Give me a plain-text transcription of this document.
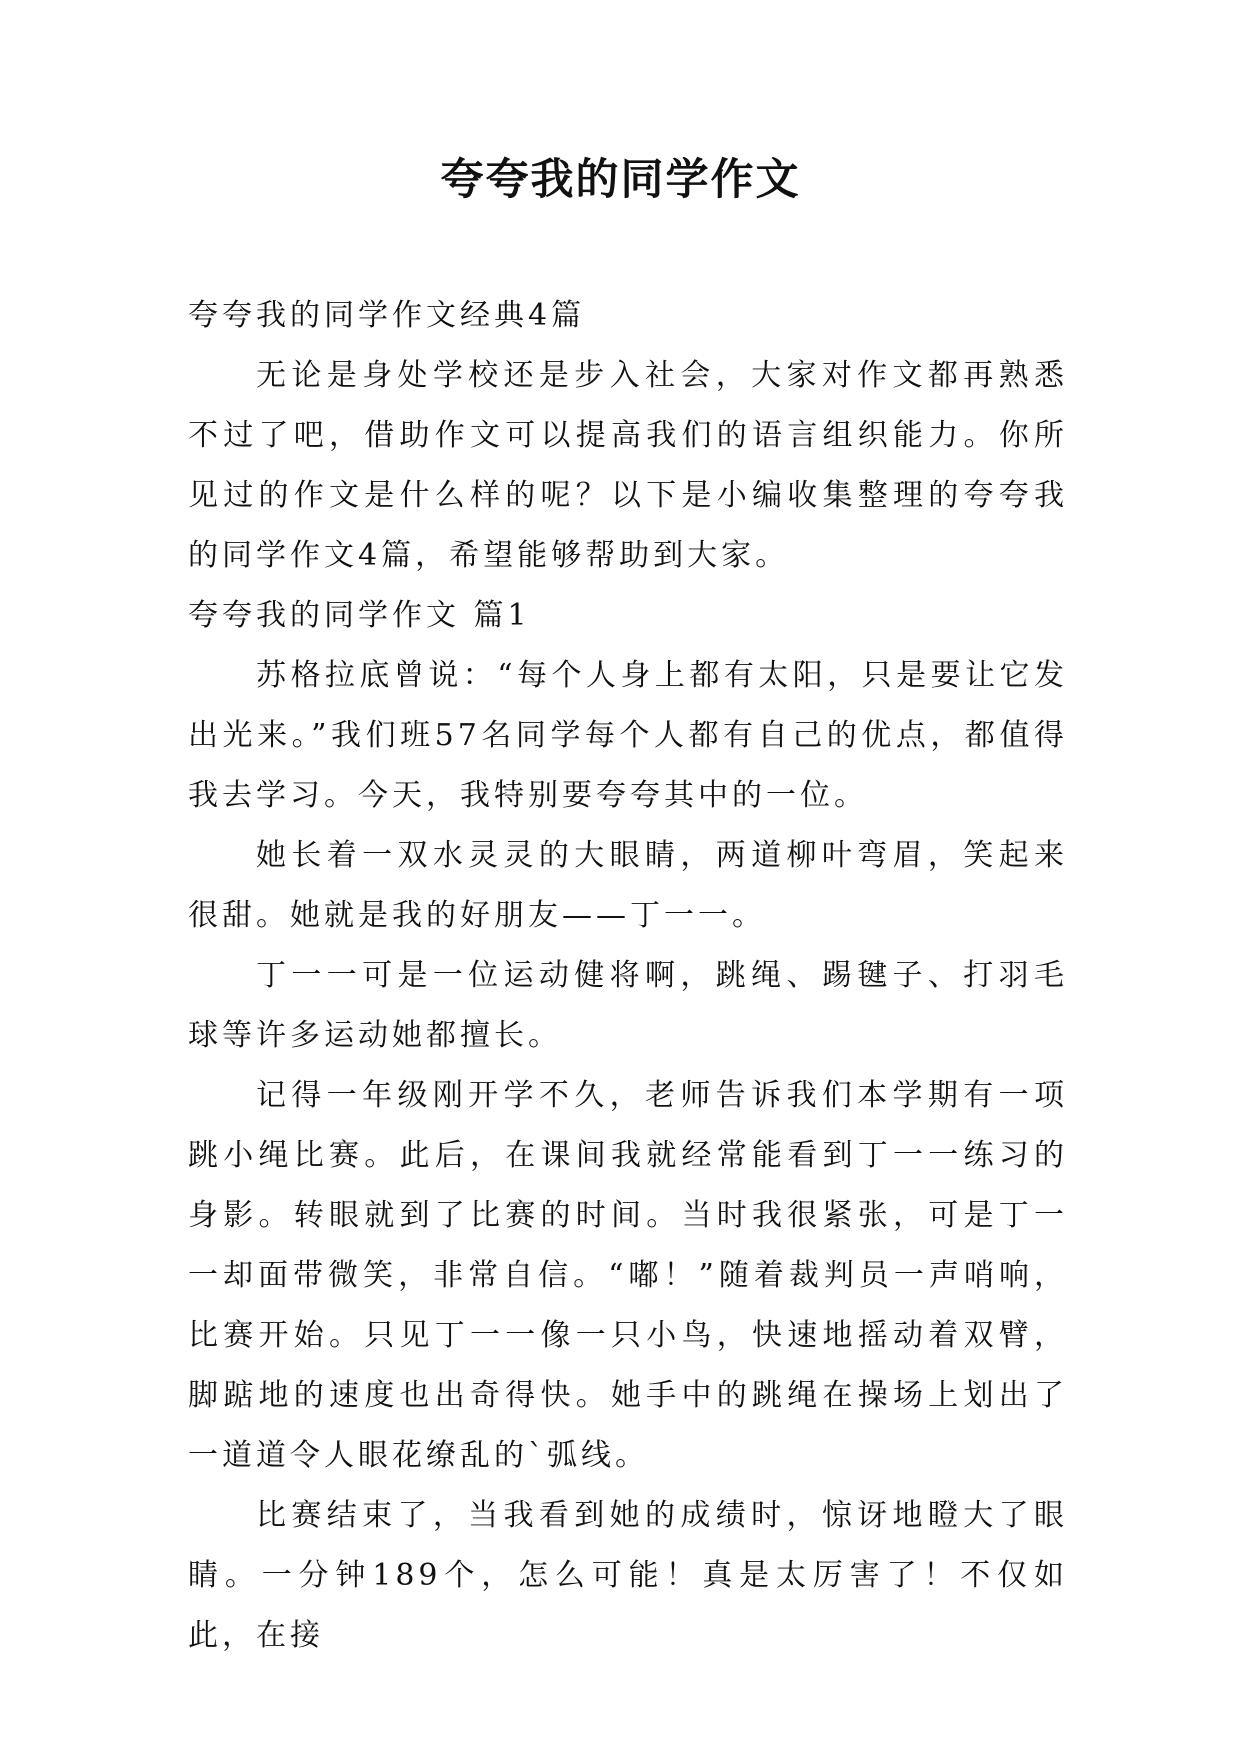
夸夸我的同学作文

夸夸我的同学作文经典4篇

无论是身处学校还是步入社会，大家对作文都再熟悉不过了吧，借助作文可以提高我们的语言组织能力。你所见过的作文是什么样的呢？以下是小编收集整理的夸夸我的同学作文4篇，希望能够帮助到大家。

夸夸我的同学作文 篇1

苏格拉底曾说：“每个人身上都有太阳，只是要让它发出光来。”我们班57名同学每个人都有自己的优点，都值得我去学习。今天，我特别要夸夸其中的一位。

她长着一双水灵灵的大眼睛，两道柳叶弯眉，笑起来很甜。她就是我的好朋友——丁一一。

丁一一可是一位运动健将啊，跳绳、踢毽子、打羽毛球等许多运动她都擅长。

记得一年级刚开学不久，老师告诉我们本学期有一项跳小绳比赛。此后，在课间我就经常能看到丁一一练习的身影。转眼就到了比赛的时间。当时我很紧张，可是丁一一却面带微笑，非常自信。“嘟！”随着裁判员一声哨响，比赛开始。只见丁一一像一只小鸟，快速地摇动着双臂，脚踮地的速度也出奇得快。她手中的跳绳在操场上划出了一道道令人眼花缭乱的`弧线。

比赛结束了，当我看到她的成绩时，惊讶地瞪大了眼睛。一分钟189个，怎么可能！真是太厉害了！不仅如此，在接
